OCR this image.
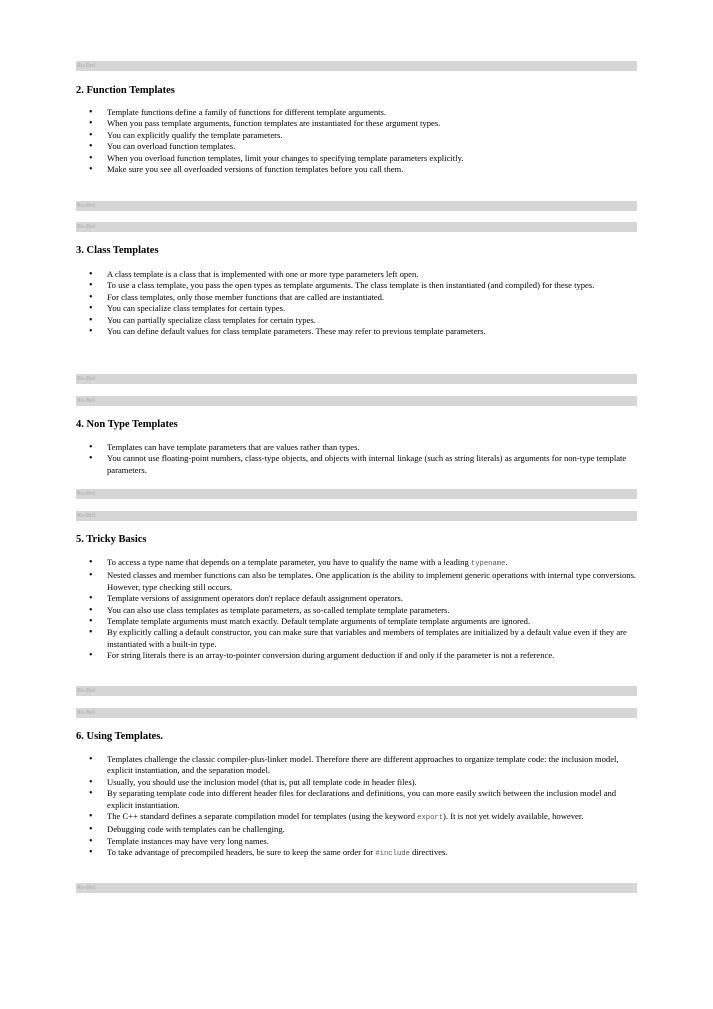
Ru-Brd
2. Function Templates
• Template functions define a family of functions for different template arguments.
• When you pass template arguments, function templates are instantiated for these argument types.
• You can explicitly qualify the template parameters.
• You can overload function templates.
• When you overload function templates, limit your changes to specifying template parameters explicitly.
• Make sure you see all overloaded versions of function templates before you call them.
Ru-Brd
Ru-Brd
3. Class Templates
• A class template is a class that is implemented with one or more type parameters left open.
• To use a class template, you pass the open types as template arguments. The class template is then instantiated (and compiled) for these types.
• For class templates, only those member functions that are called are instantiated.
• You can specialize class templates for certain types.
• You can partially specialize class templates for certain types.
• You can define default values for class template parameters. These may refer to previous template parameters.
Ru-Brd
Ru-Brd
4. Non Type Templates
• Templates can have template parameters that are values rather than types.
• You cannot use floating-point numbers, class-type objects, and objects with internal linkage (such as string literals) as arguments for non-type template parameters.
Ru-Brd
Ru-Brd
5. Tricky Basics
• To access a type name that depends on a template parameter, you have to qualify the name with a leading typename.
• Nested classes and member functions can also be templates. One application is the ability to implement generic operations with internal type conversions. However, type checking still occurs.
• Template versions of assignment operators don't replace default assignment operators.
• You can also use class templates as template parameters, as so-called template template parameters.
• Template template arguments must match exactly. Default template arguments of template template arguments are ignored.
• By explicitly calling a default constructor, you can make sure that variables and members of templates are initialized by a default value even if they are instantiated with a built-in type.
• For string literals there is an array-to-pointer conversion during argument deduction if and only if the parameter is not a reference.
Ru-Brd
Ru-Brd
6. Using Templates.
• Templates challenge the classic compiler-plus-linker model. Therefore there are different approaches to organize template code: the inclusion model, explicit instantiation, and the separation model.
• Usually, you should use the inclusion model (that is, put all template code in header files).
• By separating template code into different header files for declarations and definitions, you can more easily switch between the inclusion model and explicit instantiation.
• The C++ standard defines a separate compilation model for templates (using the keyword export). It is not yet widely available, however.
• Debugging code with templates can be challenging.
• Template instances may have very long names.
• To take advantage of precompiled headers, be sure to keep the same order for #include directives.
Ru-Brd
